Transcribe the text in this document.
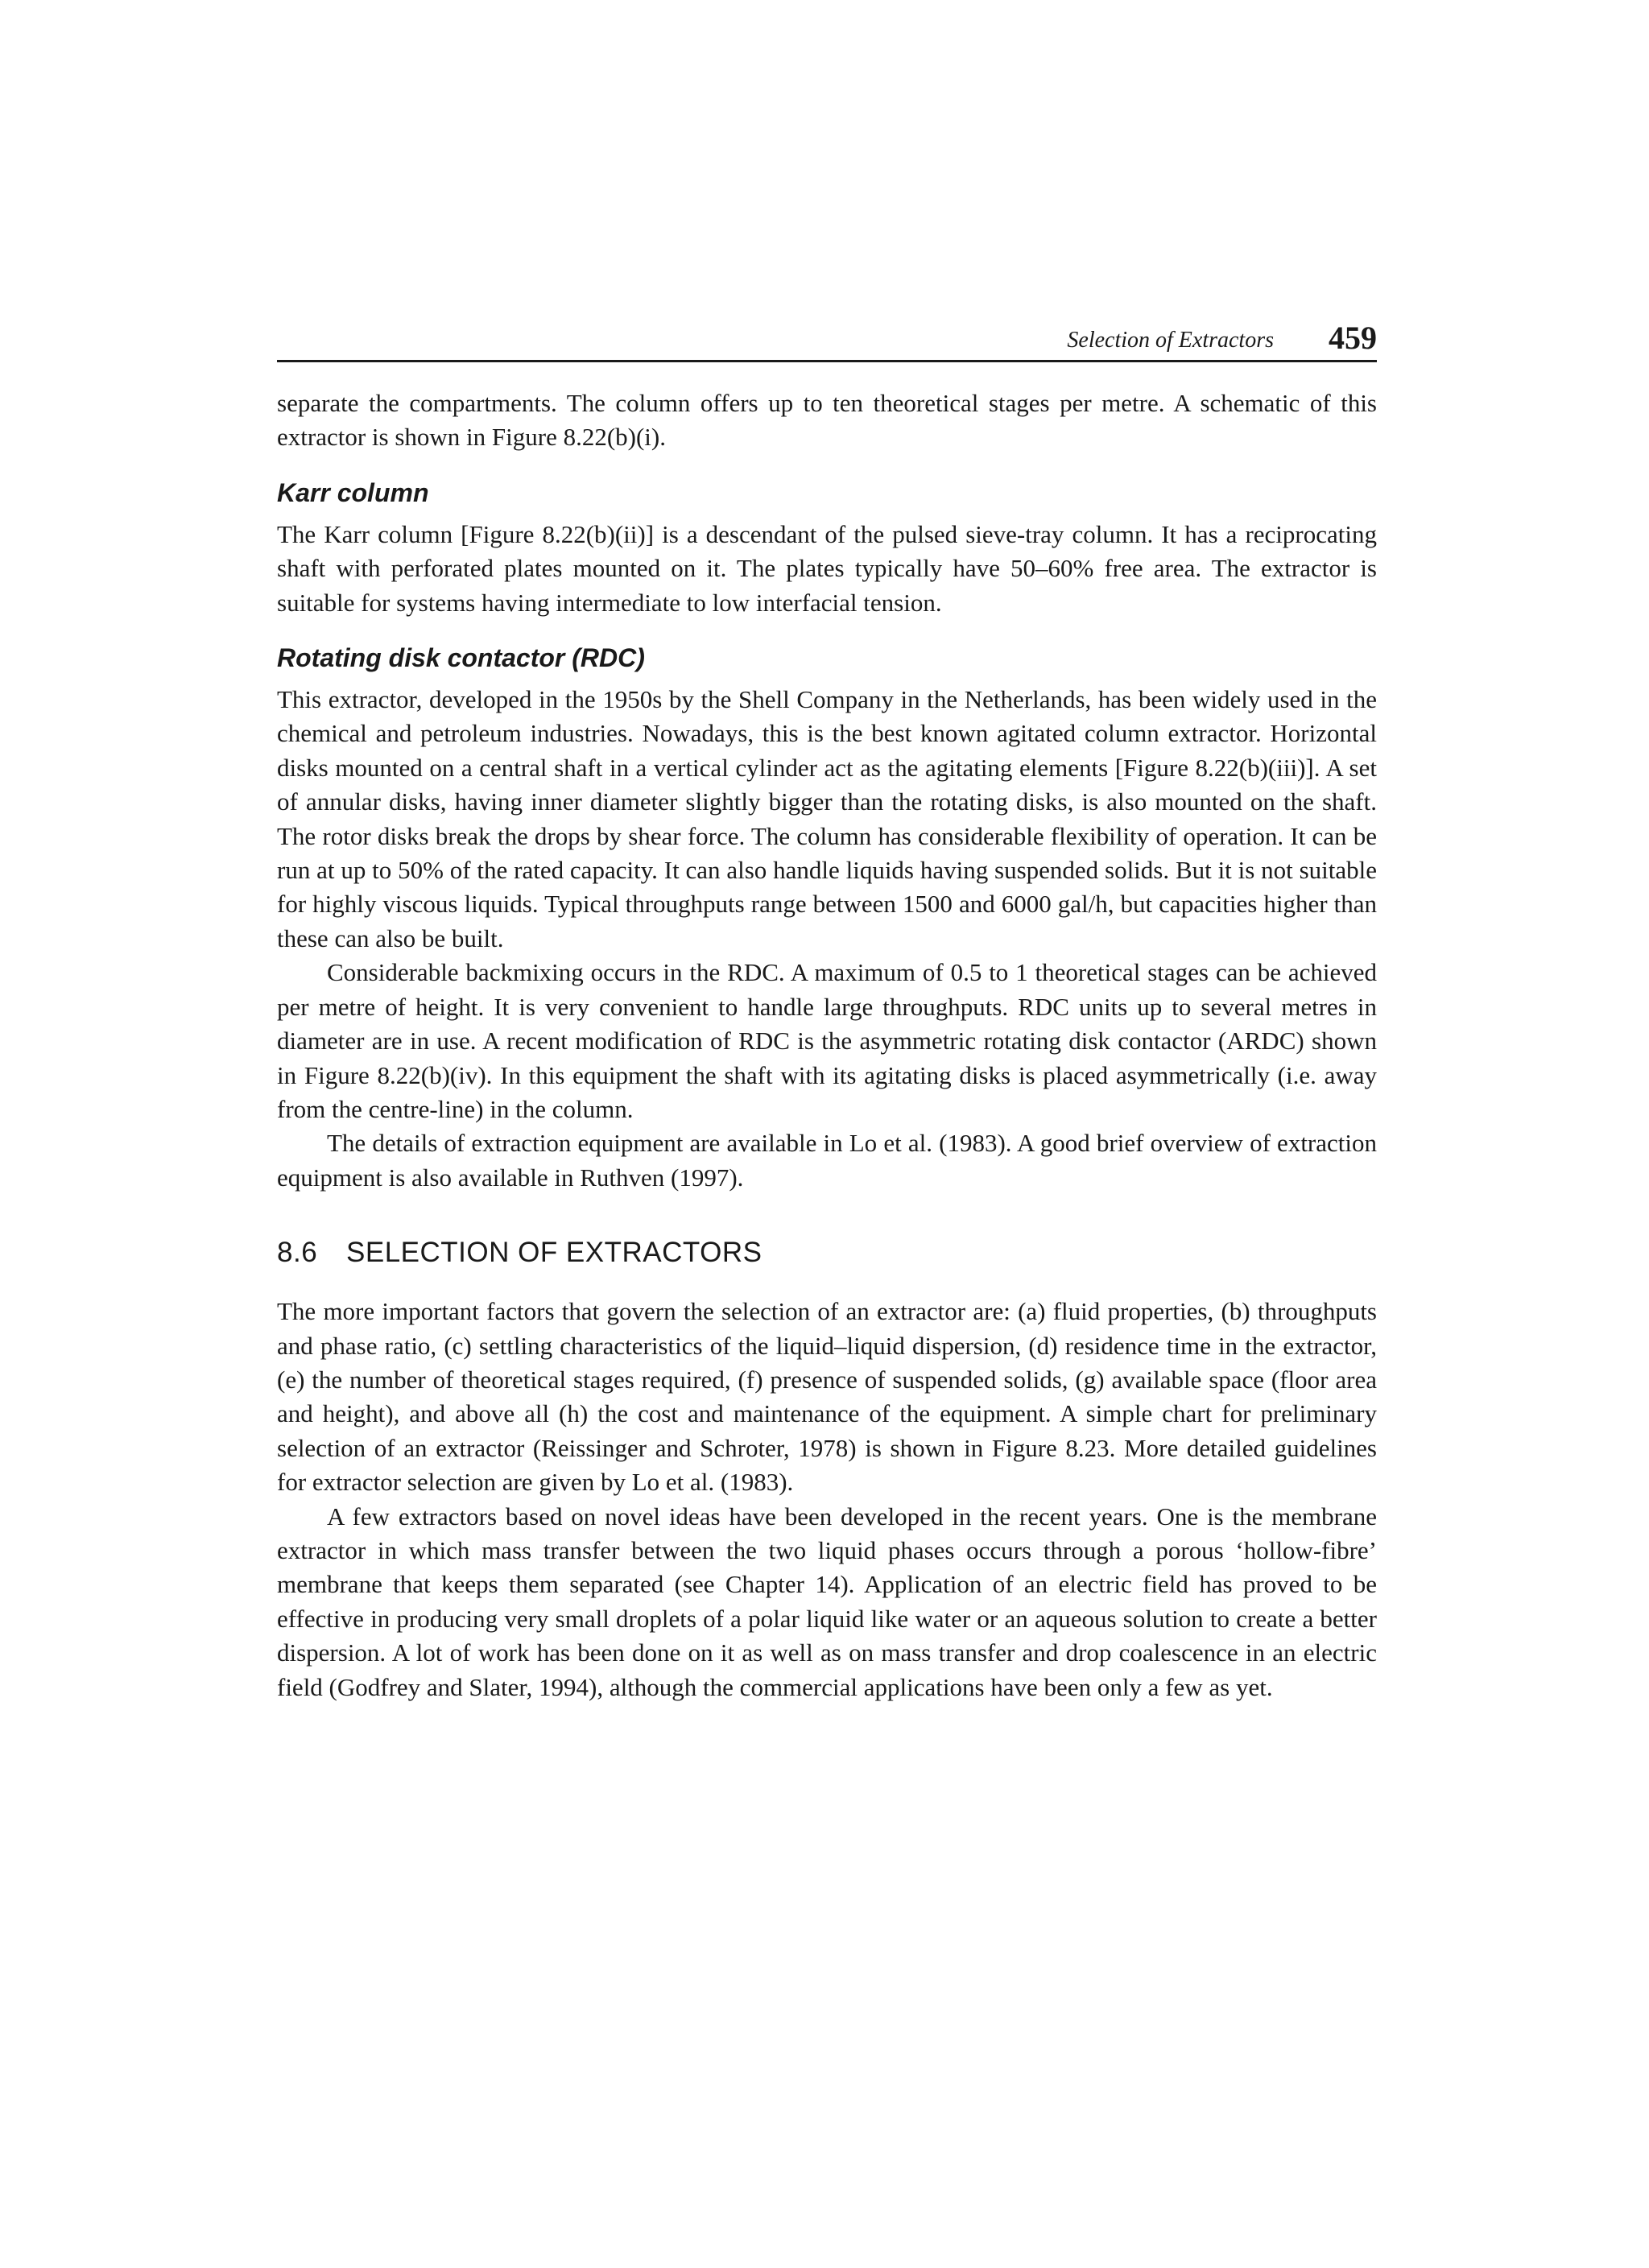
Selection of Extractors 459

separate the compartments. The column offers up to ten theoretical stages per metre. A schematic of this extractor is shown in Figure 8.22(b)(i).

Karr column

The Karr column [Figure 8.22(b)(ii)] is a descendant of the pulsed sieve-tray column. It has a reciprocating shaft with perforated plates mounted on it. The plates typically have 50–60% free area. The extractor is suitable for systems having intermediate to low interfacial tension.

Rotating disk contactor (RDC)

This extractor, developed in the 1950s by the Shell Company in the Netherlands, has been widely used in the chemical and petroleum industries. Nowadays, this is the best known agitated column extractor. Horizontal disks mounted on a central shaft in a vertical cylinder act as the agitating elements [Figure 8.22(b)(iii)]. A set of annular disks, having inner diameter slightly bigger than the rotating disks, is also mounted on the shaft. The rotor disks break the drops by shear force. The column has considerable flexibility of operation. It can be run at up to 50% of the rated capacity. It can also handle liquids having suspended solids. But it is not suitable for highly viscous liquids. Typical throughputs range between 1500 and 6000 gal/h, but capacities higher than these can also be built.

Considerable backmixing occurs in the RDC. A maximum of 0.5 to 1 theoretical stages can be achieved per metre of height. It is very convenient to handle large throughputs. RDC units up to several metres in diameter are in use. A recent modification of RDC is the asymmetric rotating disk contactor (ARDC) shown in Figure 8.22(b)(iv). In this equipment the shaft with its agitating disks is placed asymmetrically (i.e. away from the centre-line) in the column.

The details of extraction equipment are available in Lo et al. (1983). A good brief overview of extraction equipment is also available in Ruthven (1997).

8.6 SELECTION OF EXTRACTORS

The more important factors that govern the selection of an extractor are: (a) fluid properties, (b) throughputs and phase ratio, (c) settling characteristics of the liquid–liquid dispersion, (d) residence time in the extractor, (e) the number of theoretical stages required, (f) presence of suspended solids, (g) available space (floor area and height), and above all (h) the cost and maintenance of the equipment. A simple chart for preliminary selection of an extractor (Reissinger and Schroter, 1978) is shown in Figure 8.23. More detailed guidelines for extractor selection are given by Lo et al. (1983).

A few extractors based on novel ideas have been developed in the recent years. One is the membrane extractor in which mass transfer between the two liquid phases occurs through a porous ‘hollow-fibre’ membrane that keeps them separated (see Chapter 14). Application of an electric field has proved to be effective in producing very small droplets of a polar liquid like water or an aqueous solution to create a better dispersion. A lot of work has been done on it as well as on mass transfer and drop coalescence in an electric field (Godfrey and Slater, 1994), although the commercial applications have been only a few as yet.
